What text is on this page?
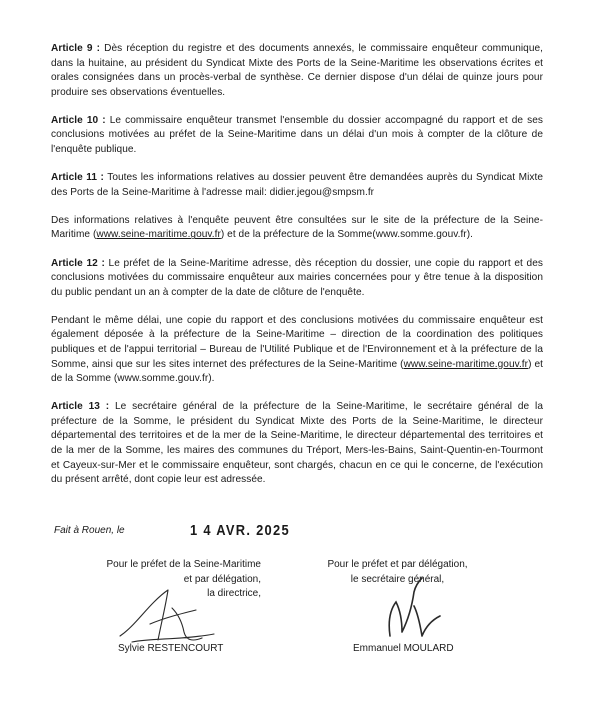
Article 9 : Dès réception du registre et des documents annexés, le commissaire enquêteur communique, dans la huitaine, au président du Syndicat Mixte des Ports de la Seine-Maritime les observations écrites et orales consignées dans un procès-verbal de synthèse. Ce dernier dispose d'un délai de quinze jours pour produire ses observations éventuelles.

Article 10 : Le commissaire enquêteur transmet l'ensemble du dossier accompagné du rapport et de ses conclusions motivées au préfet de la Seine-Maritime dans un délai d'un mois à compter de la clôture de l'enquête publique.

Article 11 : Toutes les informations relatives au dossier peuvent être demandées auprès du Syndicat Mixte des Ports de la Seine-Maritime à l'adresse mail: didier.jegou@smpsm.fr

Des informations relatives à l'enquête peuvent être consultées sur le site de la préfecture de la Seine-Maritime (www.seine-maritime.gouv.fr) et de la préfecture de la Somme(www.somme.gouv.fr).

Article 12 : Le préfet de la Seine-Maritime adresse, dès réception du dossier, une copie du rapport et des conclusions motivées du commissaire enquêteur aux mairies concernées pour y être tenue à la disposition du public pendant un an à compter de la date de clôture de l'enquête.

Pendant le même délai, une copie du rapport et des conclusions motivées du commissaire enquêteur est également déposée à la préfecture de la Seine-Maritime – direction de la coordination des politiques publiques et de l'appui territorial – Bureau de l'Utilité Publique et de l'Environnement et à la préfecture de la Somme, ainsi que sur les sites internet des préfectures de la Seine-Maritime (www.seine-maritime.gouv.fr) et de la Somme (www.somme.gouv.fr).

Article 13 : Le secrétaire général de la préfecture de la Seine-Maritime, le secrétaire général de la préfecture de la Somme, le président du Syndicat Mixte des Ports de la Seine-Maritime, le directeur départemental des territoires et de la mer de la Seine-Maritime, le directeur départemental des territoires et de la mer de la Somme, les maires des communes du Tréport, Mers-les-Bains, Saint-Quentin-en-Tourmont et Cayeux-sur-Mer et le commissaire enquêteur, sont chargés, chacun en ce qui le concerne, de l'exécution du présent arrêté, dont copie leur est adressée.

Fait à Rouen, le	1 4 AVR. 2025
Pour le préfet de la Seine-Maritime
et par délégation,
la directrice,
Pour le préfet et par délégation,
le secrétaire général,
Sylvie RESTENCOURT	Emmanuel MOULARD
